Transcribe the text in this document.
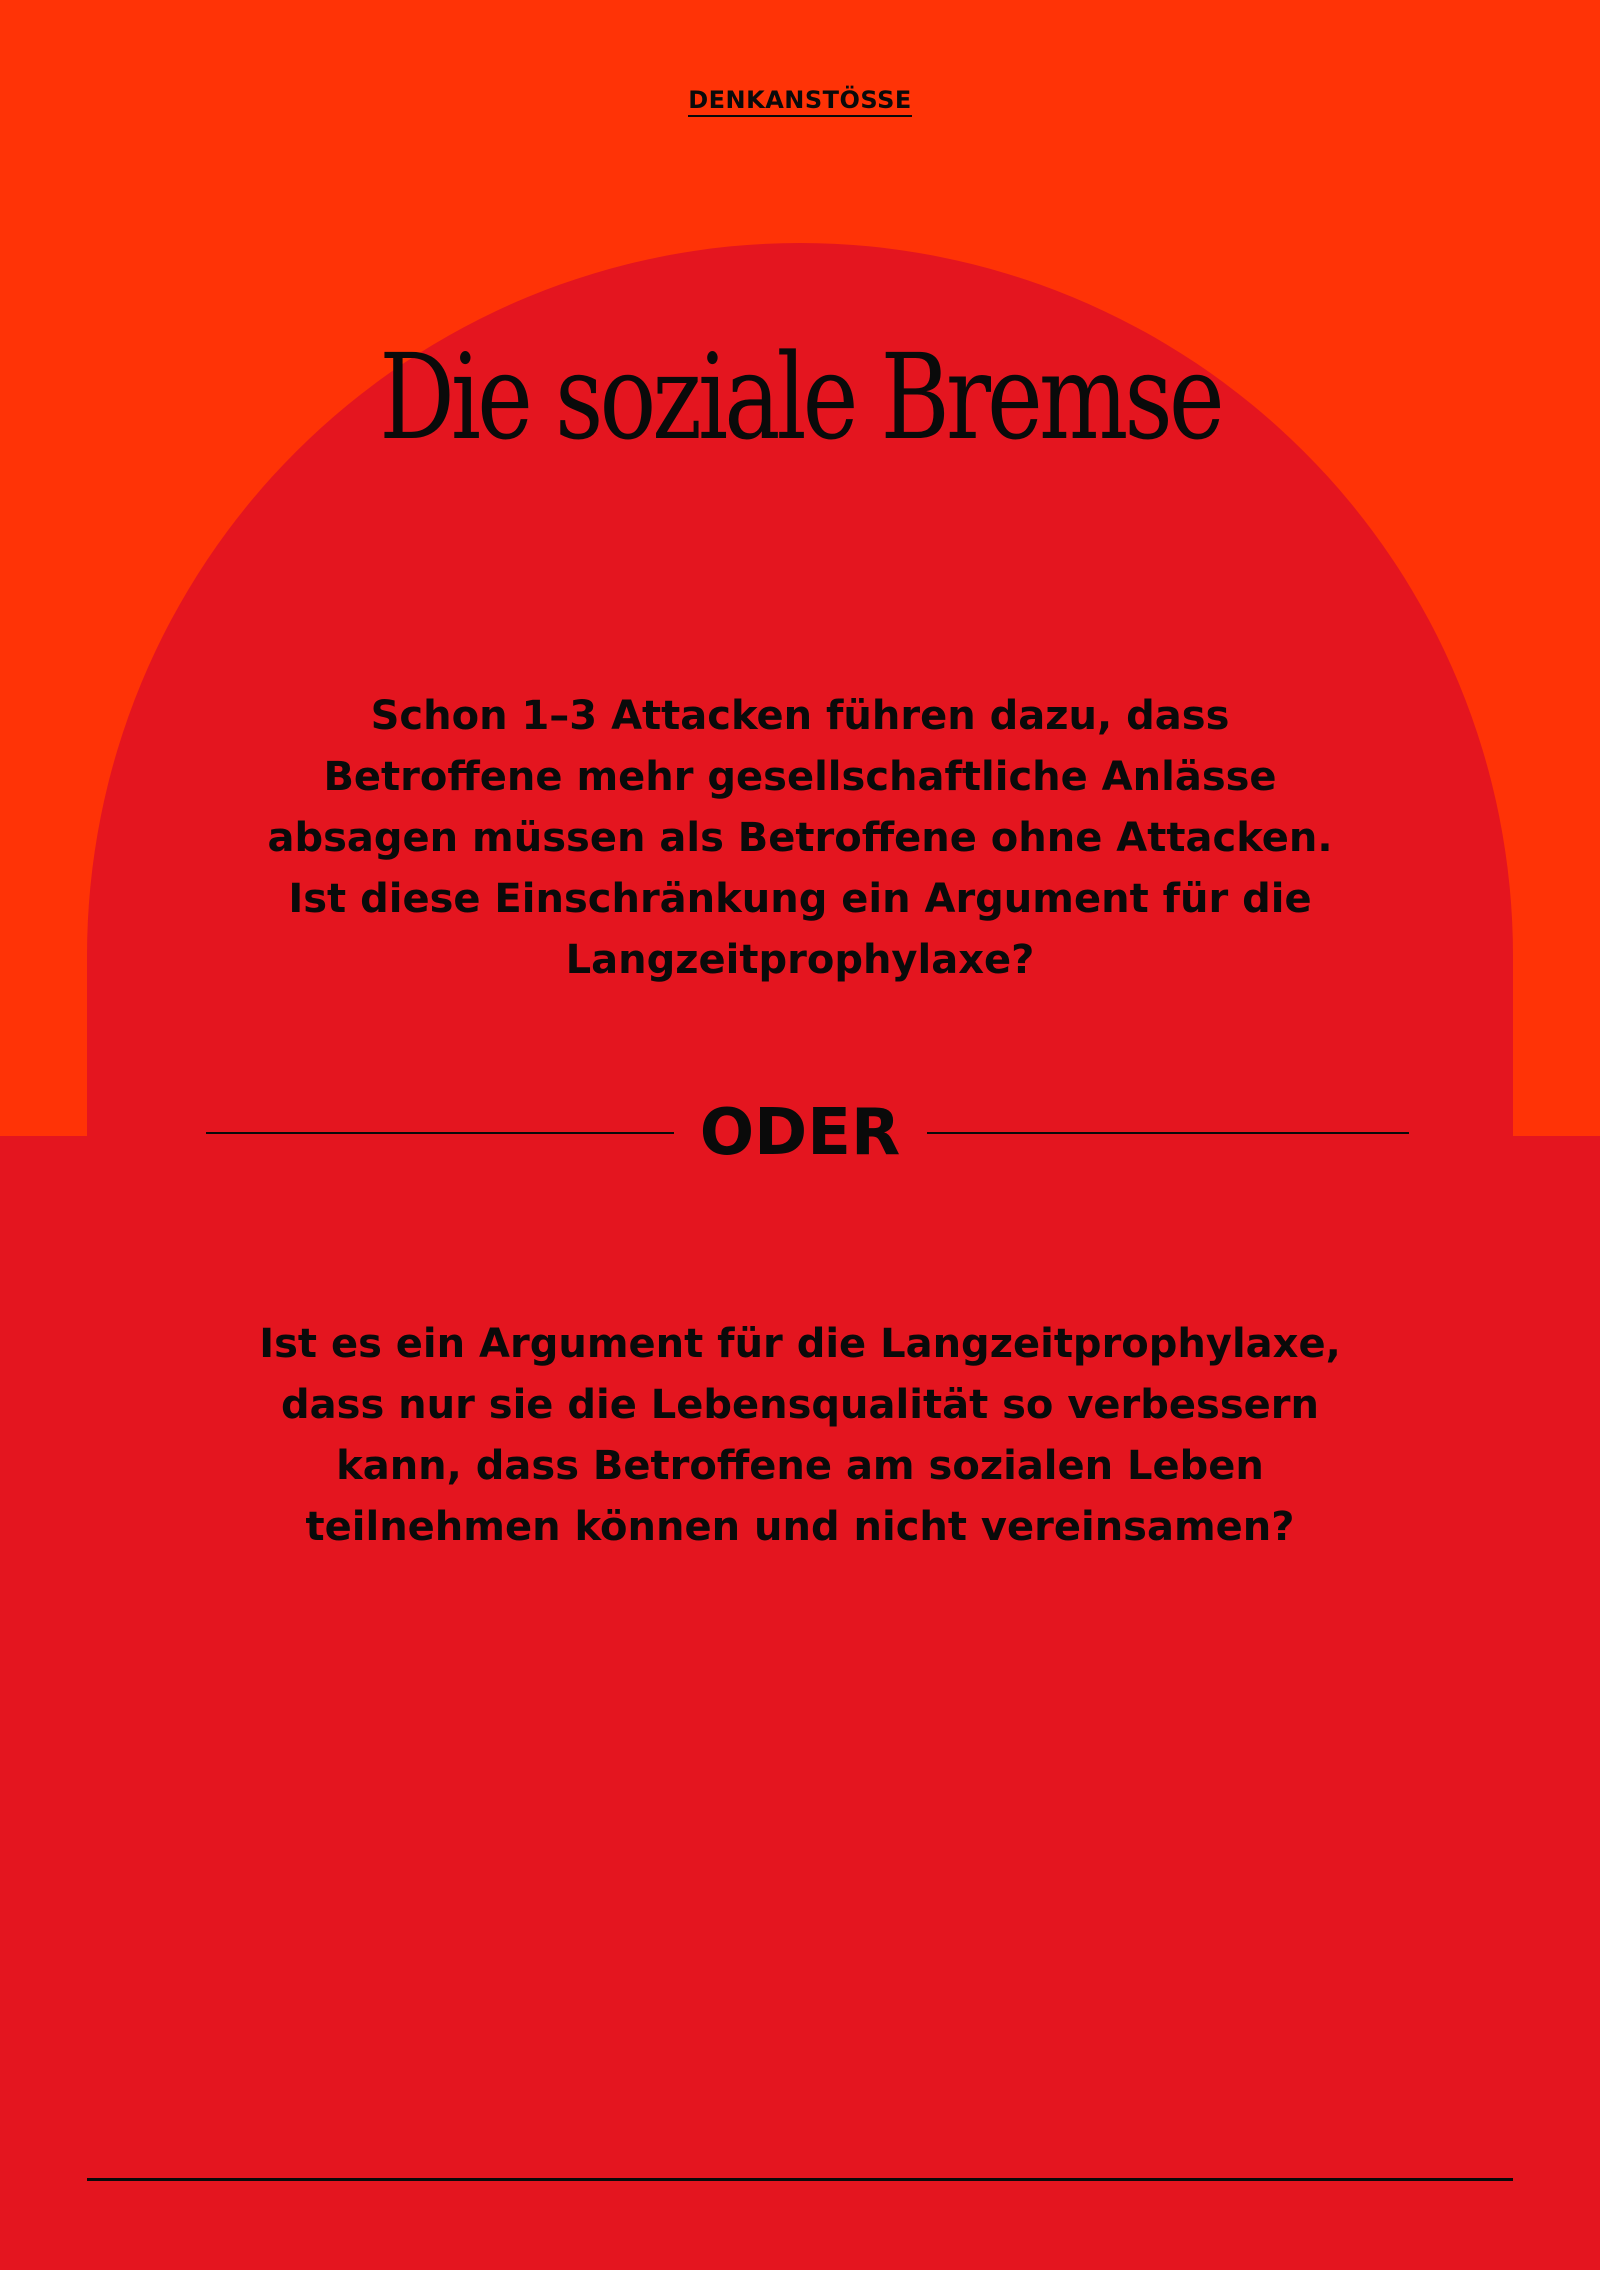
DENKANSTÖSSE
Die soziale Bremse
Schon 1–3 Attacken führen dazu, dass Betroffene mehr gesellschaftliche Anlässe absagen müssen als Betroffene ohne Attacken. Ist diese Einschränkung ein Argument für die Langzeitprophylaxe?
ODER
Ist es ein Argument für die Langzeitprophylaxe, dass nur sie die Lebensqualität so verbessern kann, dass Betroffene am sozialen Leben teilnehmen können und nicht vereinsamen?
